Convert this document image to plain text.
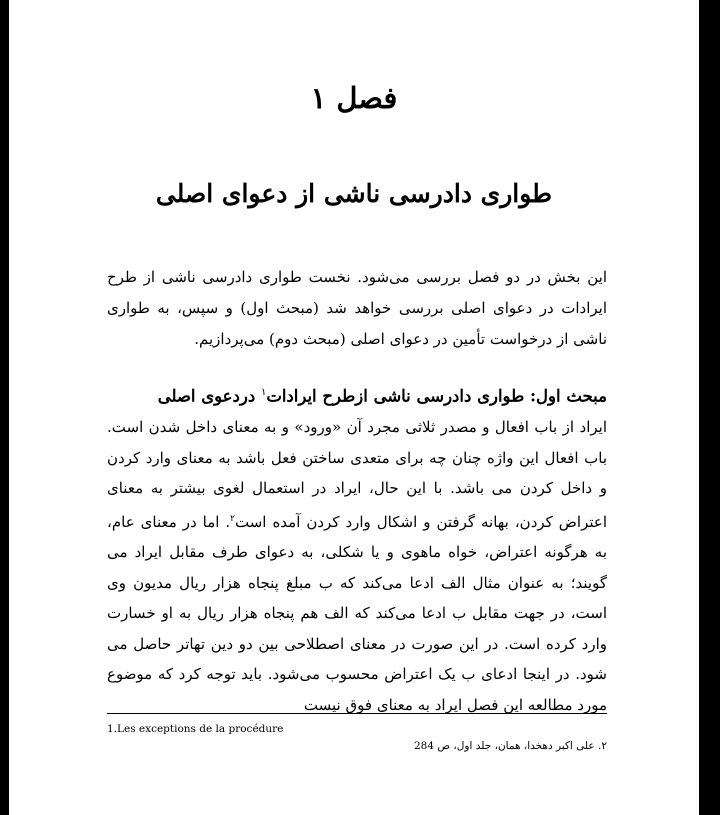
فصل ۱
طواری دادرسی ناشی از دعوای اصلی

این بخش در دو فصل بررسی می‌شود. نخست طواری دادرسی ناشی از طرح ایرادات در دعوای اصلی بررسی خواهد شد (مبحث اول) و سپس، به طواری ناشی از درخواست تأمین در دعوای اصلی (مبحث دوم) می‌پردازیم.

مبحث اول: طواری دادرسی ناشی ازطرح ایرادات$^۱$ دردعوی اصلی

ایراد از باب افعال و مصدر ثلاثی مجرد آن «ورود» و به معنای داخل شدن است. باب افعال این واژه چنان چه برای متعدی ساختن فعل باشد به معنای وارد کردن و داخل کردن می باشد. با این حال، ایراد در استعمال لغوی بیشتر به معنای اعتراض کردن، بهانه گرفتن و اشکال وارد کردن آمده است$^۲$. اما در معنای عام، به هرگونه اعتراض، خواه ماهوی و یا شکلی، به دعوای طرف مقابل ایراد می گویند؛ به عنوان مثال الف ادعا می‌کند که ب مبلغ پنجاه هزار ریال مدیون وی است، در جهت مقابل ب ادعا می‌کند که الف هم پنجاه هزار ریال به او خسارت وارد کرده است. در این صورت در معنای اصطلاحی بین دو دین تهاتر حاصل می شود. در اینجا ادعای ب یک اعتراض محسوب می‌شود. باید توجه کرد که موضوع مورد مطالعه این فصل ایراد به معنای فوق نیست

1.Les exceptions de la procédure
۲. علی اکبر دهخدا، همان، جلد اول، ص 284
